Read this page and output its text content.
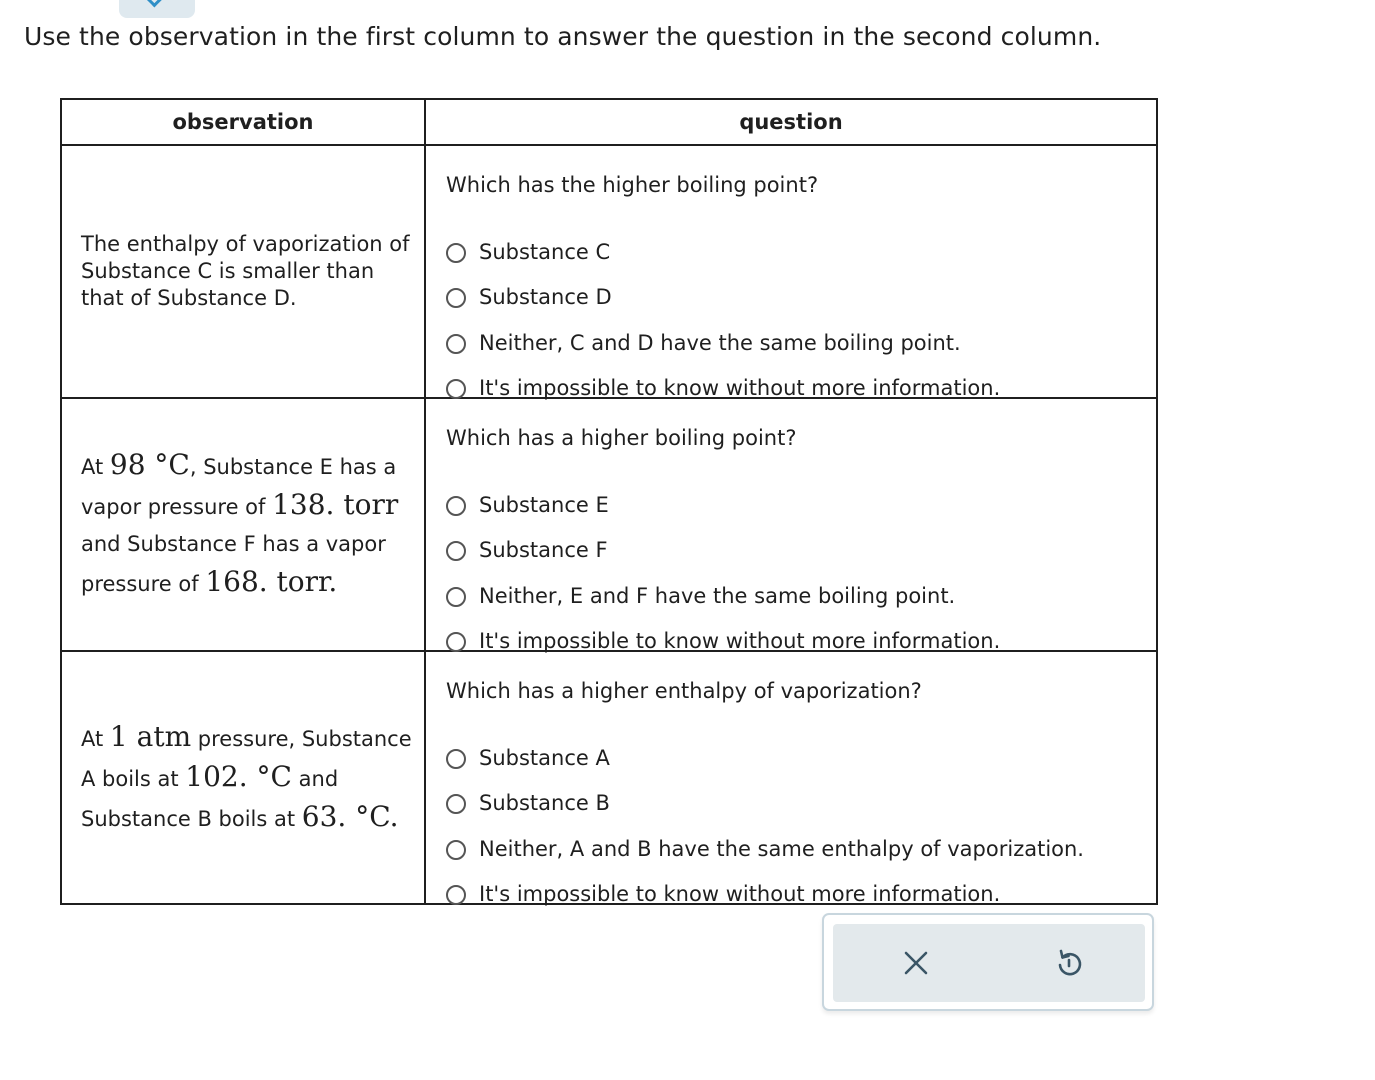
Use the observation in the first column to answer the question in the second column.
observation	question
The enthalpy of vaporization of Substance C is smaller than that of Substance D.	Which has the higher boiling point?
Substance C
Substance D
Neither, C and D have the same boiling point.
It's impossible to know without more information.

At 98 °C, Substance E has a vapor pressure of 138. torr and Substance F has a vapor pressure of 168. torr.	Which has a higher boiling point?
Substance E
Substance F
Neither, E and F have the same boiling point.
It's impossible to know without more information.

At 1 atm pressure, Substance A boils at 102. °C and Substance B boils at 63. °C.	Which has a higher enthalpy of vaporization?
Substance A
Substance B
Neither, A and B have the same enthalpy of vaporization.
It's impossible to know without more information.
